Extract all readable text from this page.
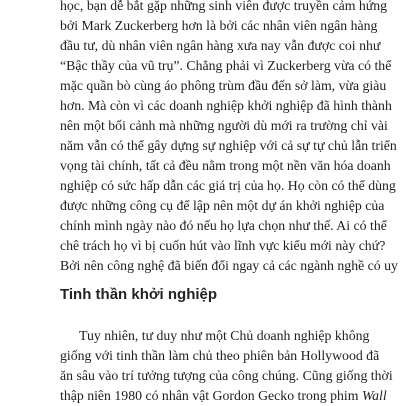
học, bạn dễ bắt gặp những sinh viên được truyền cảm hứng
bởi Mark Zuckerberg hơn là bởi các nhân viên ngân hàng
đầu tư, dù nhân viên ngân hàng xưa nay vẫn được coi như
“Bậc thầy của vũ trụ”. Chẳng phải vì Zuckerberg vừa có thể
mặc quần bò cùng áo phông trùm đầu đến sở làm, vừa giàu
hơn. Mà còn vì các doanh nghiệp khởi nghiệp đã hình thành
nên một bối cảnh mà những người dù mới ra trường chỉ vài
năm vẫn có thể gây dựng sự nghiệp với cả sự tự chủ lẫn triển
vọng tài chính, tất cả đều nằm trong một nền văn hóa doanh
nghiệp có sức hấp dẫn các giá trị của họ. Họ còn có thể dùng
được những công cụ để lập nên một dự án khởi nghiệp của
chính mình ngày nào đó nếu họ lựa chọn như thế. Ai có thể
chê trách họ vì bị cuốn hút vào lĩnh vực kiểu mới này chứ?
Bởi nên công nghệ đã biến đổi ngay cả các ngành nghề có uy
Tinh thần khởi nghiệp
Tuy nhiên, tư duy như một Chủ doanh nghiệp không
giống với tinh thần làm chủ theo phiên bản Hollywood đã
ăn sâu vào trí tưởng tượng của công chúng. Cũng giống thời
thập niên 1980 có nhân vật Gordon Gecko trong phim Wall
